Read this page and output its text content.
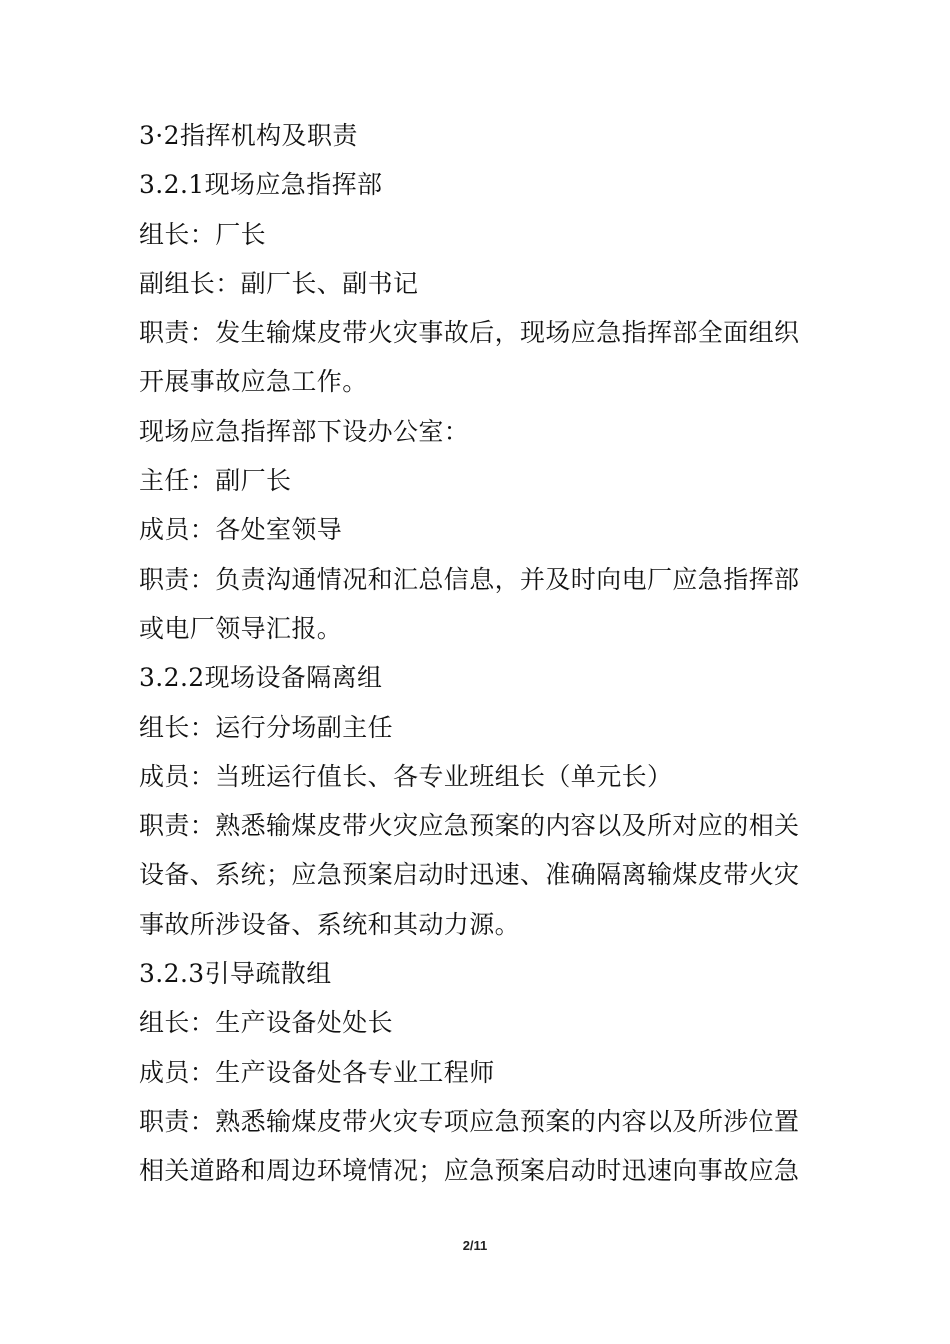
3·2指挥机构及职责
3.2.1现场应急指挥部
组长：厂长
副组长：副厂长、副书记
职责：发生输煤皮带火灾事故后，现场应急指挥部全面组织
开展事故应急工作。
现场应急指挥部下设办公室：
主任：副厂长
成员：各处室领导
职责：负责沟通情况和汇总信息，并及时向电厂应急指挥部
或电厂领导汇报。
3.2.2现场设备隔离组
组长：运行分场副主任
成员：当班运行值长、各专业班组长（单元长）
职责：熟悉输煤皮带火灾应急预案的内容以及所对应的相关
设备、系统；应急预案启动时迅速、准确隔离输煤皮带火灾
事故所涉设备、系统和其动力源。
3.2.3引导疏散组
组长：生产设备处处长
成员：生产设备处各专业工程师
职责：熟悉输煤皮带火灾专项应急预案的内容以及所涉位置
相关道路和周边环境情况；应急预案启动时迅速向事故应急
2/11
